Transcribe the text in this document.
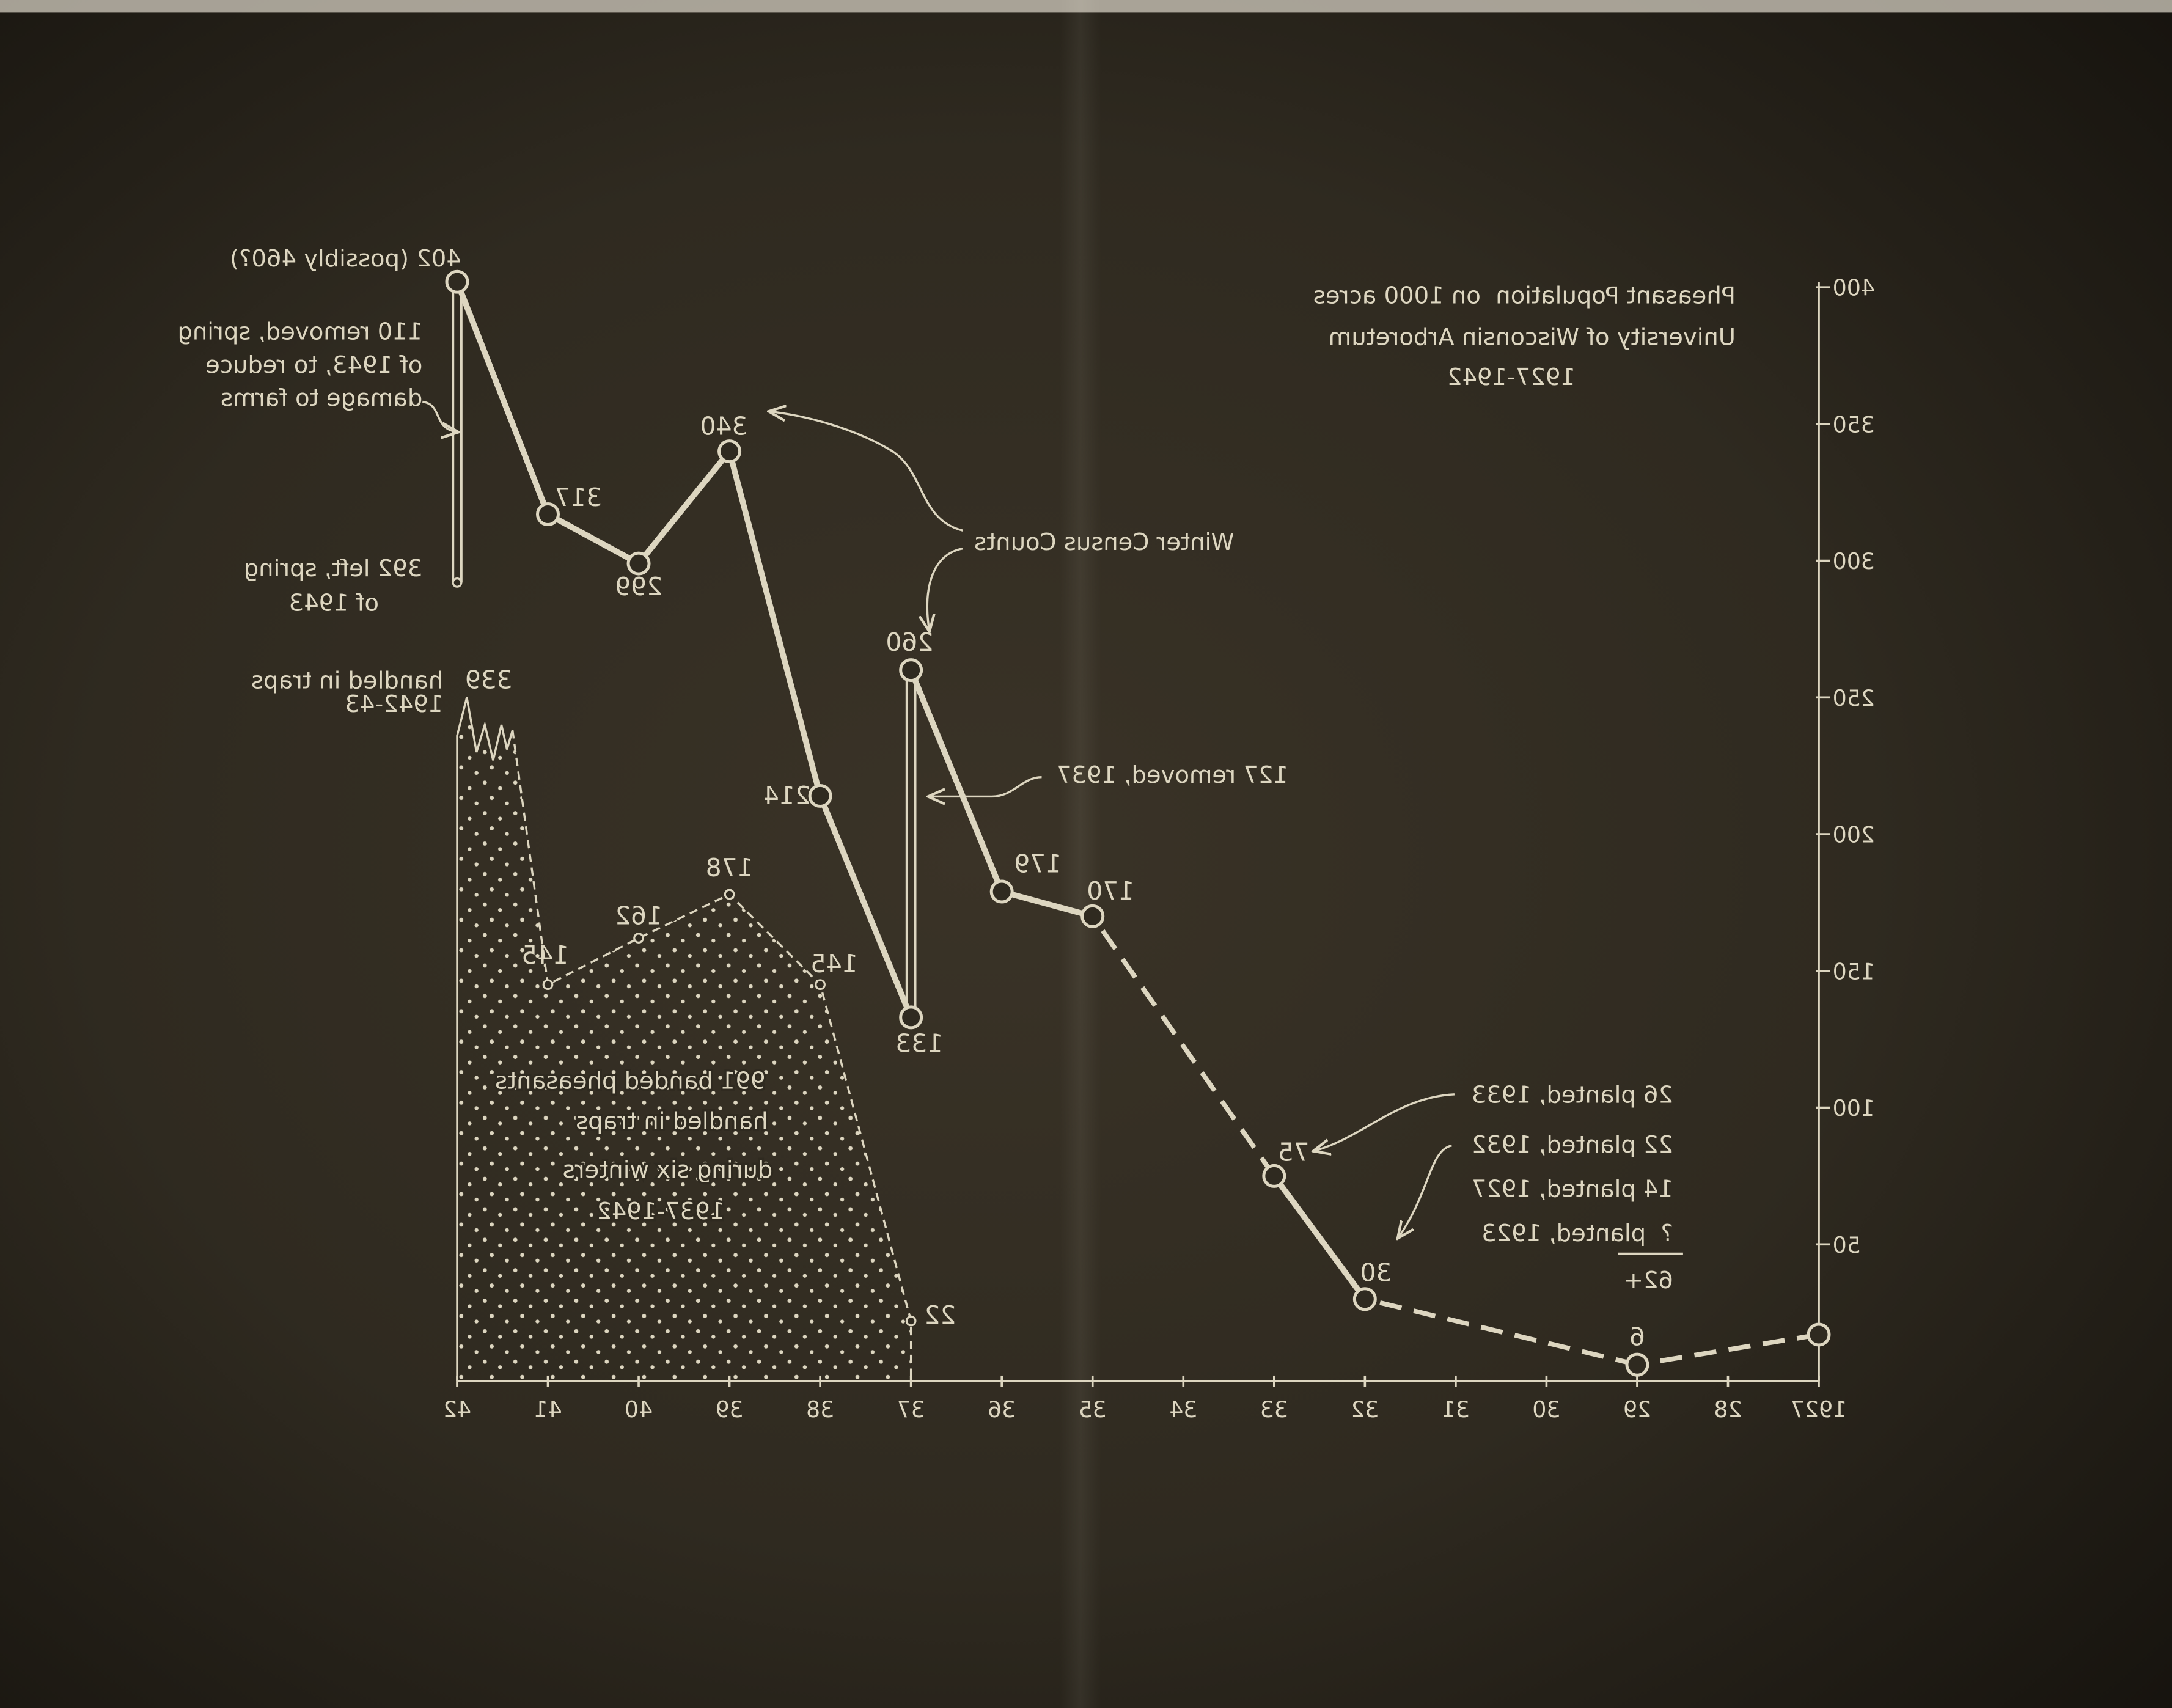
50
100
150
200
250
300
350
400
1927
28
29
30
31
32
33
34
35
36
37
38
39
40
41
42
22
145
178
162
145
339
handled in traps
1942-43
6
30
75
170
179
260
133
214
340
299
317
402 (possibly 460?)
Pheasant Population  on 1000 acres
University of Wisconsin Arboretum
1927-1942
Winter Census Counts
127 removed, 1937
110 removed, spring
of 1943, to reduce
damage to farms
392 left, spring
of 1943
991 banded pheasants
handled in traps
during six winters
1937-1942
26 planted, 1933
22 planted, 1932
14 planted, 1927
?  planted, 1923
62+
